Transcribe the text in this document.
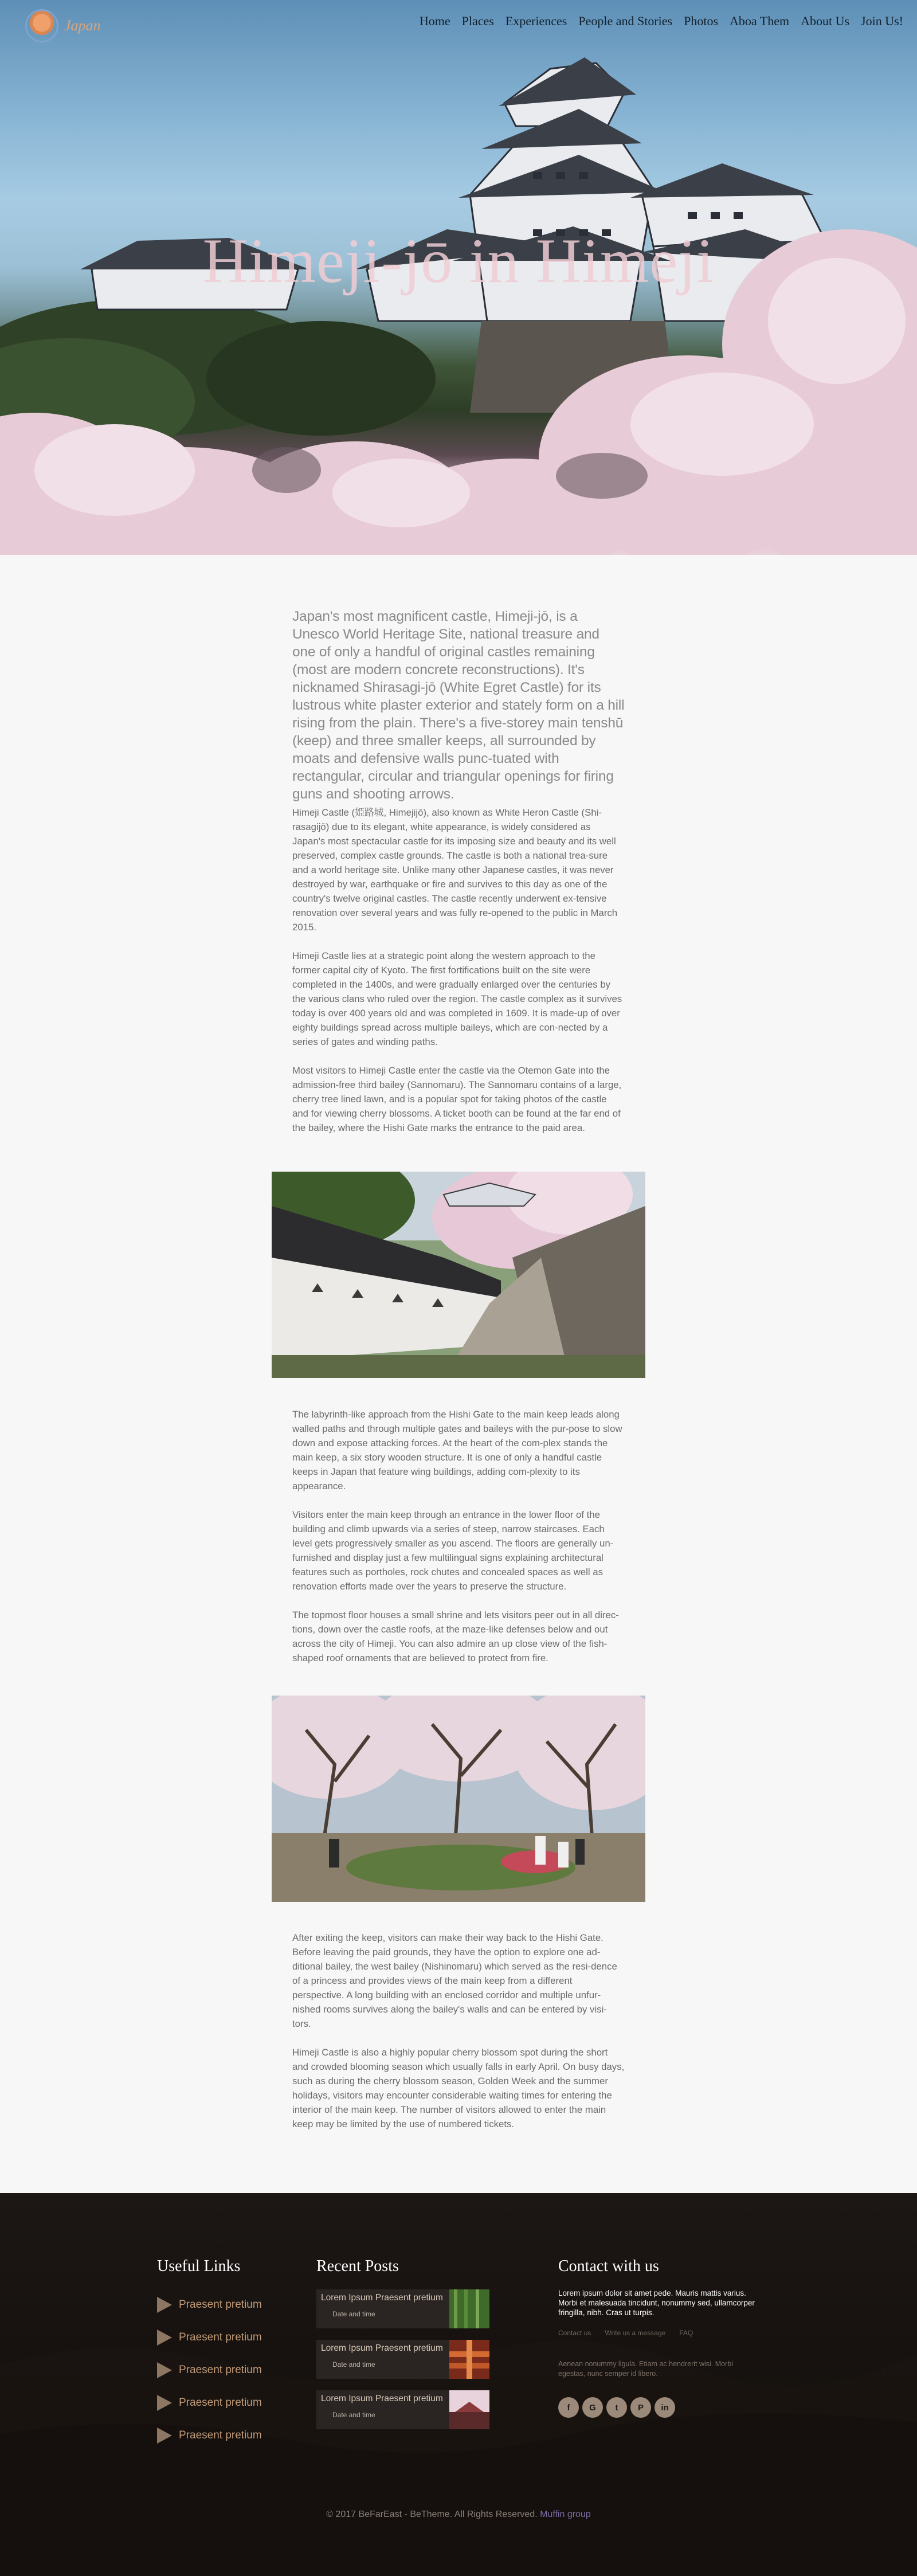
Japan	Home Places Experiences People and Stories Photos Aboa Them About Us Join Us!
Himeji-jō in Himeji
Japan's most magnificent castle, Himeji-jō, is a Unesco World Heritage Site, national treasure and one of only a handful of original castles remaining (most are modern concrete reconstructions). It's nicknamed Shirasagi-jō (White Egret Castle) for its lustrous white plaster exterior and stately form on a hill rising from the plain. There's a five-storey main tenshū (keep) and three smaller keeps, all surrounded by moats and defensive walls punc-tuated with rectangular, circular and triangular openings for firing guns and shooting arrows.

Himeji Castle (姫路城, Himejijō), also known as White Heron Castle (Shi-rasagijō) due to its elegant, white appearance, is widely considered as Japan's most spectacular castle for its imposing size and beauty and its well preserved, complex castle grounds. The castle is both a national trea-sure and a world heritage site. Unlike many other Japanese castles, it was never destroyed by war, earthquake or fire and survives to this day as one of the country's twelve original castles. The castle recently underwent ex-tensive renovation over several years and was fully re-opened to the public in March 2015.

Himeji Castle lies at a strategic point along the western approach to the former capital city of Kyoto. The first fortifications built on the site were completed in the 1400s, and were gradually enlarged over the centuries by the various clans who ruled over the region. The castle complex as it survives today is over 400 years old and was completed in 1609. It is made-up of over eighty buildings spread across multiple baileys, which are con-nected by a series of gates and winding paths.

Most visitors to Himeji Castle enter the castle via the Otemon Gate into the admission-free third bailey (Sannomaru). The Sannomaru contains of a large, cherry tree lined lawn, and is a popular spot for taking photos of the castle and for viewing cherry blossoms. A ticket booth can be found at the far end of the bailey, where the Hishi Gate marks the entrance to the paid area.

The labyrinth-like approach from the Hishi Gate to the main keep leads along walled paths and through multiple gates and baileys with the pur-pose to slow down and expose attacking forces. At the heart of the com-plex stands the main keep, a six story wooden structure. It is one of only a handful castle keeps in Japan that feature wing buildings, adding com-plexity to its appearance.

Visitors enter the main keep through an entrance in the lower floor of the building and climb upwards via a series of steep, narrow staircases. Each level gets progressively smaller as you ascend. The floors are generally un-furnished and display just a few multilingual signs explaining architectural features such as portholes, rock chutes and concealed spaces as well as renovation efforts made over the years to preserve the structure.

The topmost floor houses a small shrine and lets visitors peer out in all direc-tions, down over the castle roofs, at the maze-like defenses below and out across the city of Himeji. You can also admire an up close view of the fish-shaped roof ornaments that are believed to protect from fire.

After exiting the keep, visitors can make their way back to the Hishi Gate. Before leaving the paid grounds, they have the option to explore one ad-ditional bailey, the west bailey (Nishinomaru) which served as the resi-dence of a princess and provides views of the main keep from a different perspective. A long building with an enclosed corridor and multiple unfur-nished rooms survives along the bailey's walls and can be entered by visi-tors.

Himeji Castle is also a highly popular cherry blossom spot during the short and crowded blooming season which usually falls in early April. On busy days, such as during the cherry blossom season, Golden Week and the summer holidays, visitors may encounter considerable waiting times for entering the interior of the main keep. The number of visitors allowed to enter the main keep may be limited by the use of numbered tickets.

Useful Links
Praesent pretium
Praesent pretium
Praesent pretium
Praesent pretium
Praesent pretium
Recent Posts
Lorem Ipsum Praesent pretium
Date and time
Lorem Ipsum Praesent pretium
Date and time
Lorem Ipsum Praesent pretium
Date and time
Contact with us
Lorem ipsum dolor sit amet pede. Mauris mattis varius. Morbi et malesuada tincidunt, nonummy sed, ullamcorper fringilla, nibh. Cras ut turpis.
Contact us Write us a message FAQ
Aenean nonummy ligula. Etiam ac hendrerit wisi. Morbi egestas, nunc semper id libero.
f	G	t	P	in
© 2017 BeFarEast - BeTheme. All Rights Reserved. Muffin group
